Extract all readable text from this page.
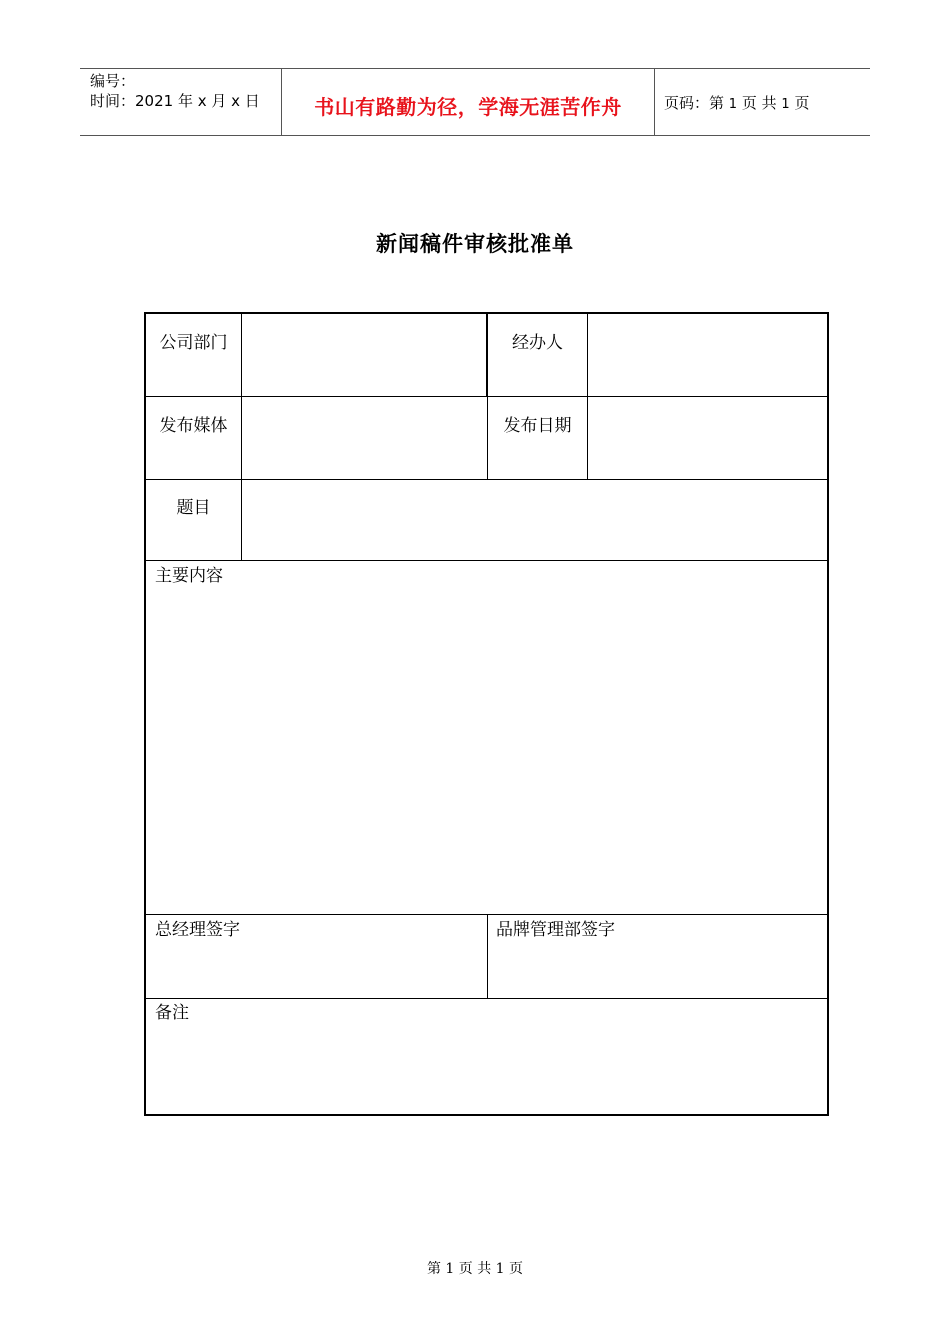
编号：
时间：2021 年 x 月 x 日	书山有路勤为径，学海无涯苦作舟	页码：第 1 页 共 1 页
新闻稿件审核批准单
公司部门	经办人
发布媒体	发布日期
题目
主要内容
总经理签字	品牌管理部签字
备注
第 1 页 共 1 页
